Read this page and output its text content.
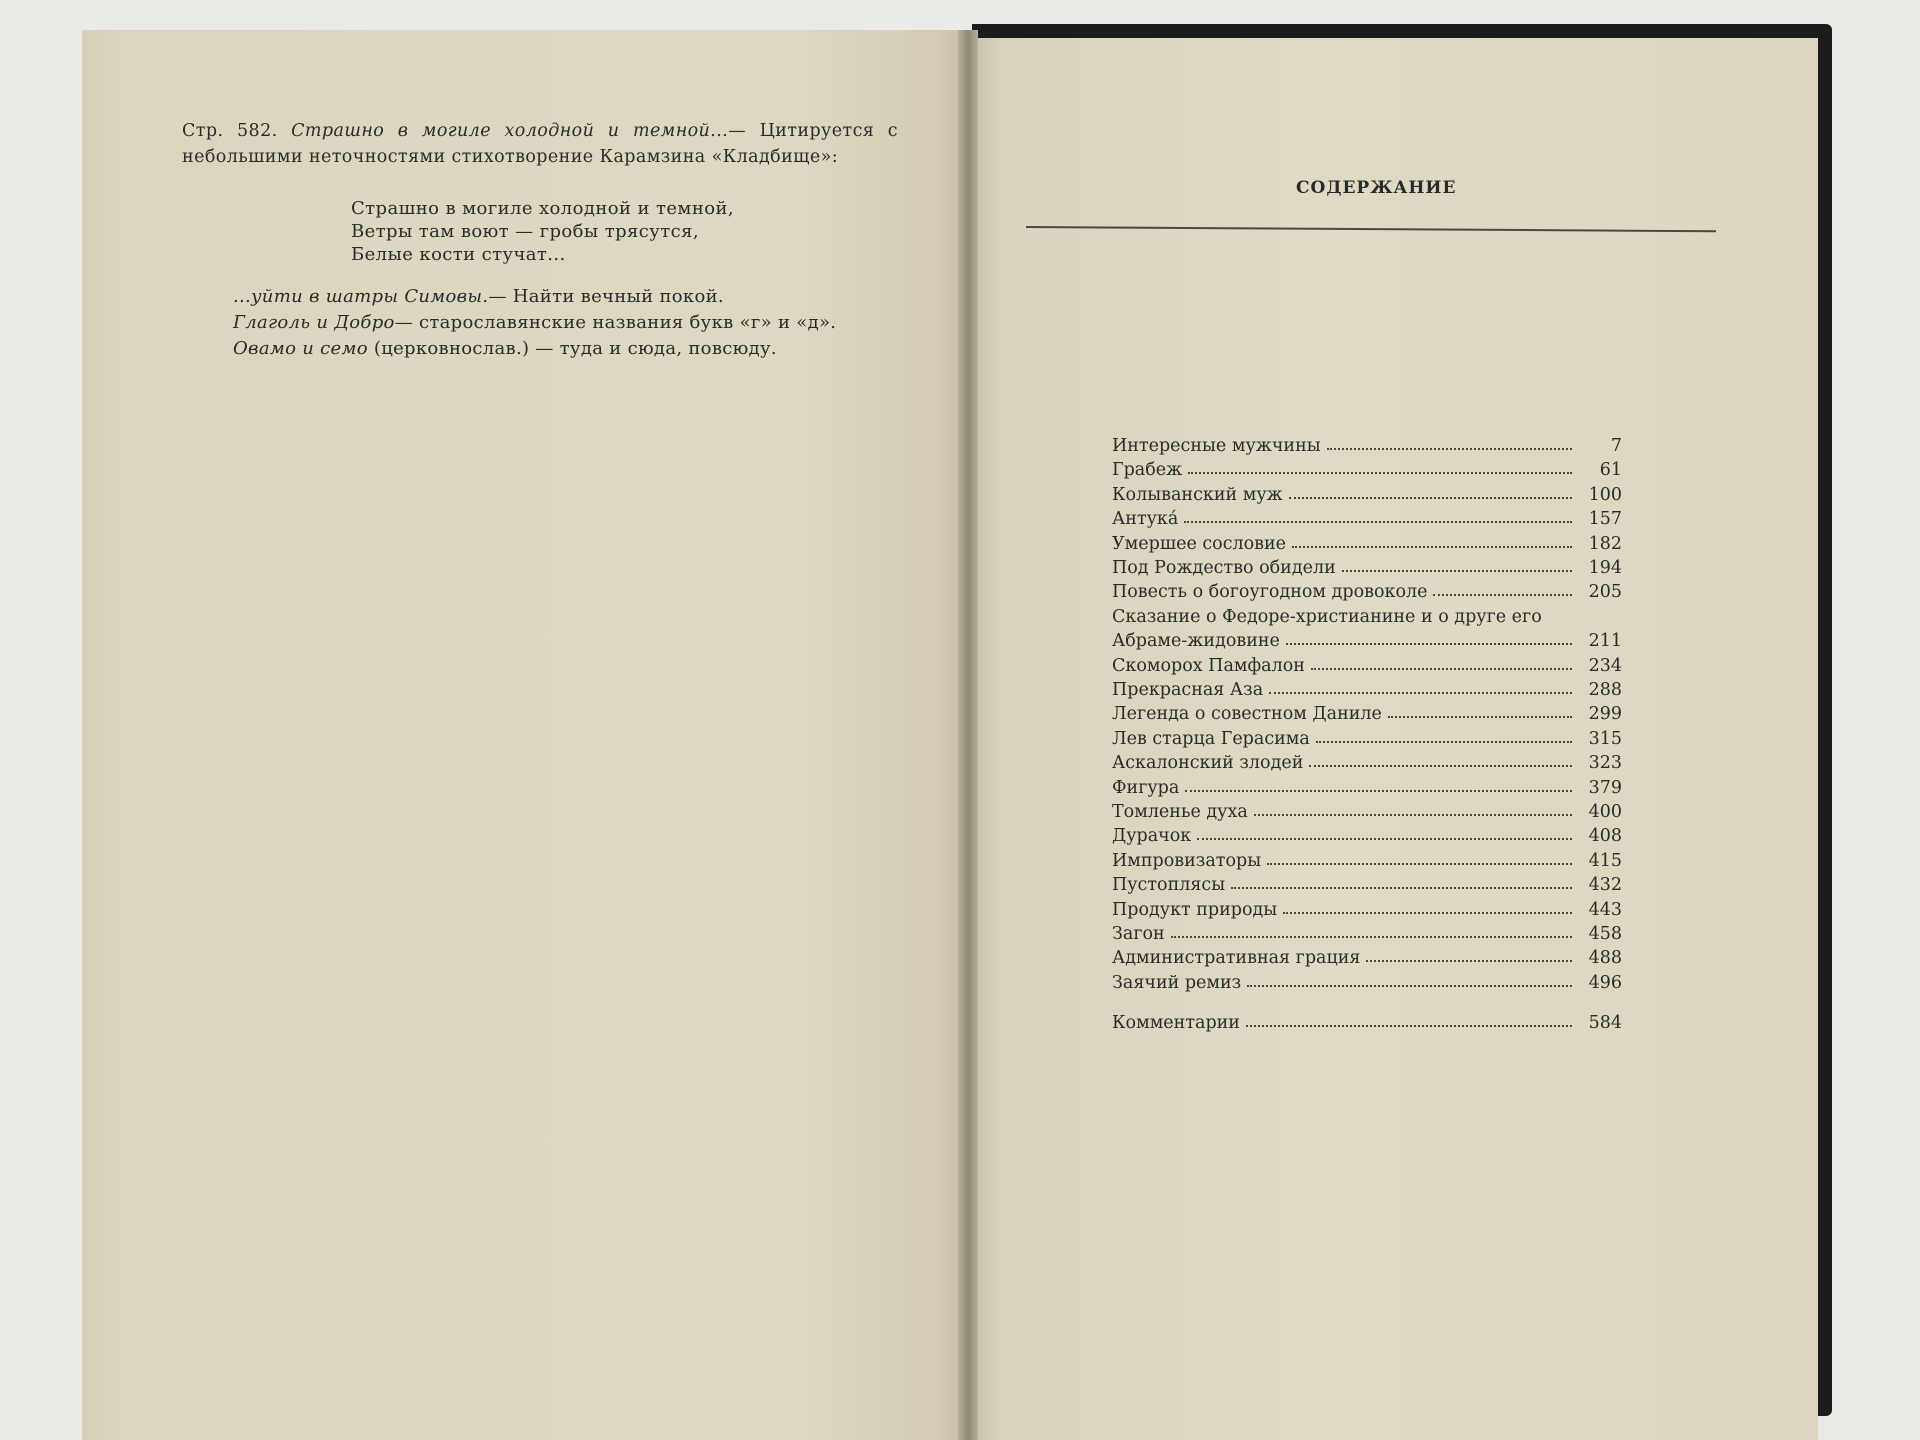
Стр. 582. Страшно в могиле холодной и темной...— Цитируется с небольшими неточностями стихотворение Карамзина «Кладбище»:

Страшно в могиле холодной и темной,
Ветры там воют — гробы трясутся,
Белые кости стучат...
...уйти в шатры Симовы.— Найти вечный покой.
Глаголь и Добро— старославянские названия букв «г» и «д».
Овамо и семо (церковнослав.) — туда и сюда, повсюду.
СОДЕРЖАНИЕ
Интересные мужчины	7
Грабеж	61
Колыванский муж	100
Антука́	157
Умершее сословие	182
Под Рождество обидели	194
Повесть о богоугодном дровоколе	205
Сказание о Федоре-христианине и о друге его
Абраме-жидовине	211
Скоморох Памфалон	234
Прекрасная Аза	288
Легенда о совестном Даниле	299
Лев старца Герасима	315
Аскалонский злодей	323
Фигура	379
Томленье духа	400
Дурачок	408
Импровизаторы	415
Пустоплясы	432
Продукт природы	443
Загон	458
Административная грация	488
Заячий ремиз	496
Комментарии	584
